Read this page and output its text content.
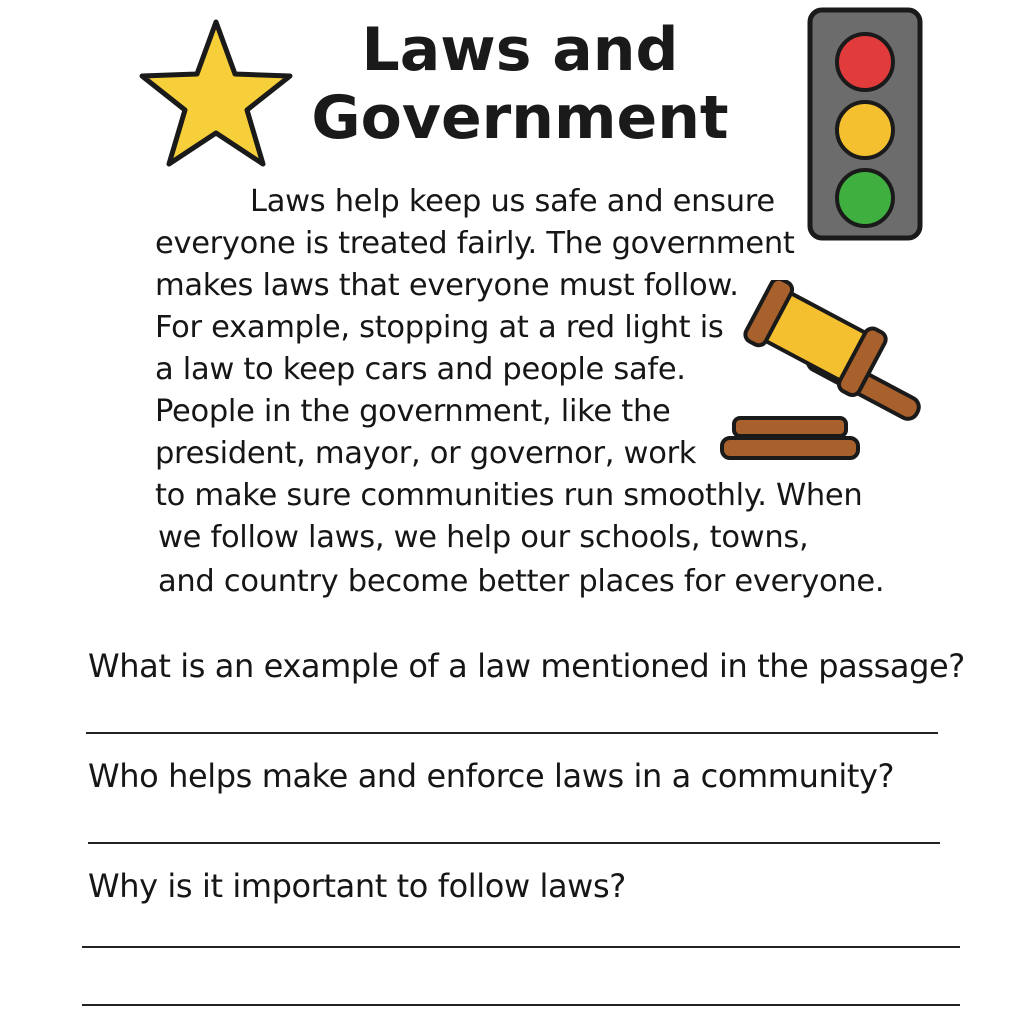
Laws and
Government
Laws help keep us safe and ensure
everyone is treated fairly. The government
makes laws that everyone must follow.
For example, stopping at a red light is
a law to keep cars and people safe.
People in the government, like the
president, mayor, or governor, work
to make sure communities run smoothly. When
we follow laws, we help our schools, towns,
and country become better places for everyone.
What is an example of a law mentioned in the passage?
Who helps make and enforce laws in a community?
Why is it important to follow laws?
